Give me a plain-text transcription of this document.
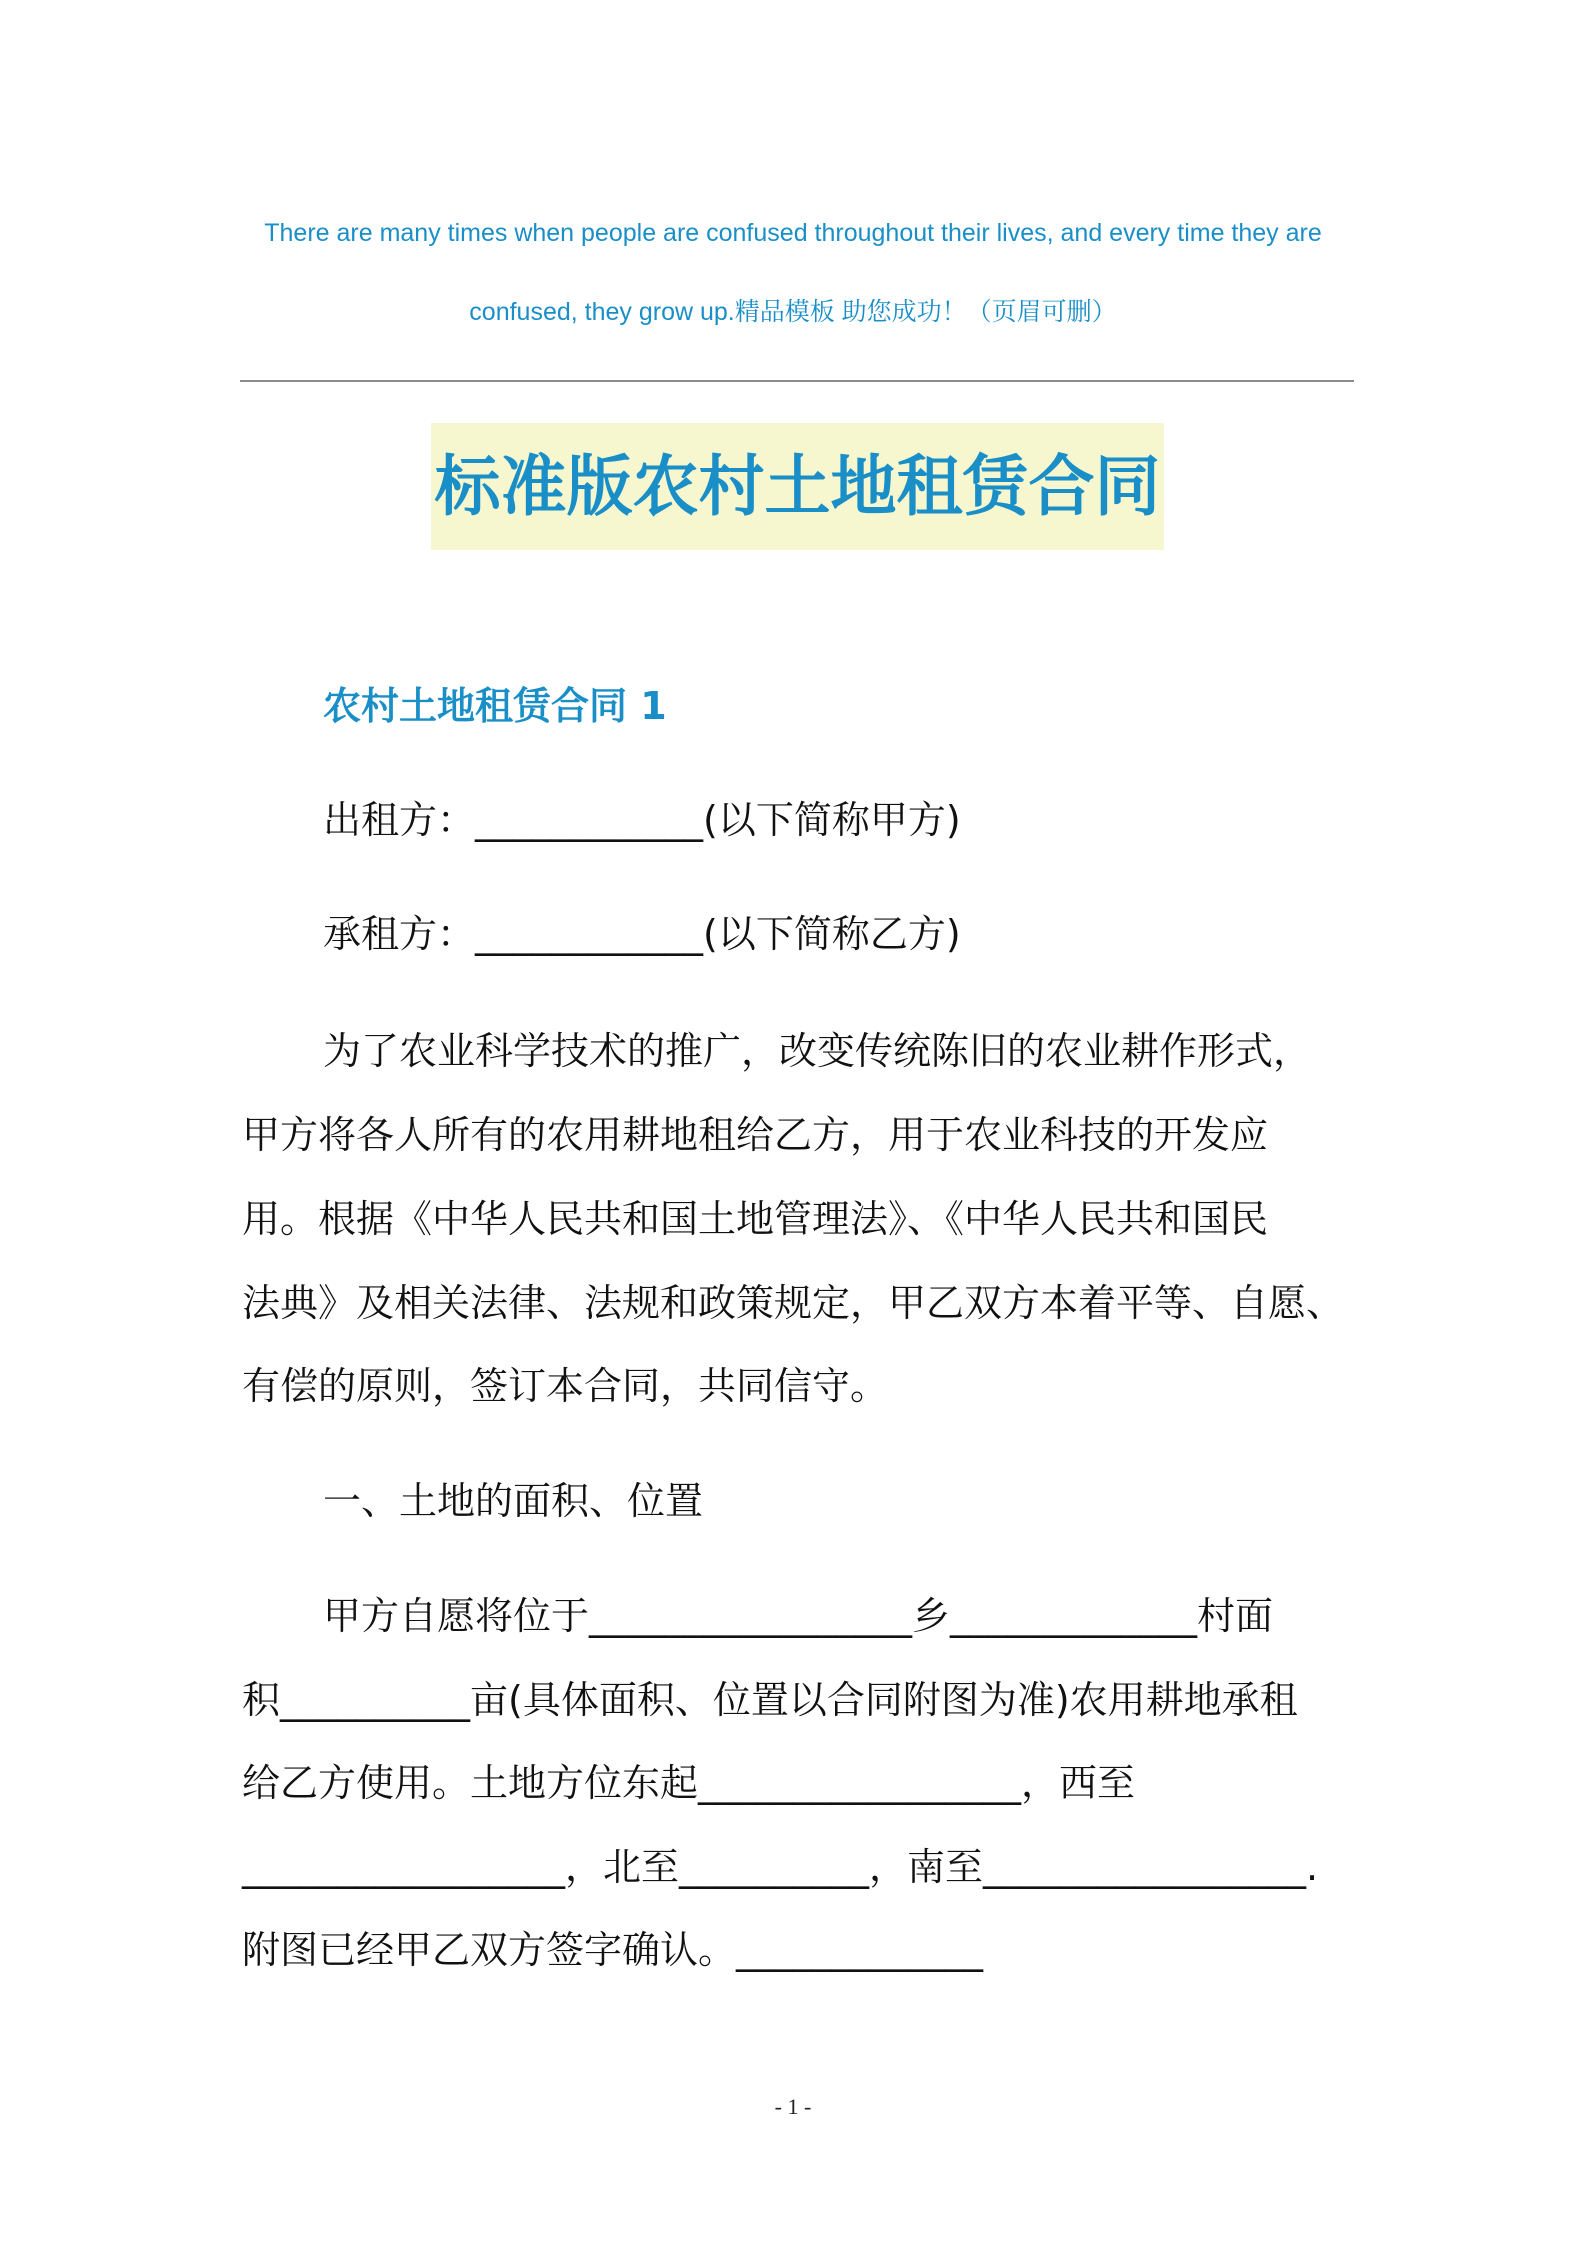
There are many times when people are confused throughout their lives, and every time they are
confused, they grow up.精品模板 助您成功！（页眉可删）
标准版农村土地租赁合同
农村土地租赁合同 1
出租方：____________(以下简称甲方)
承租方：____________(以下简称乙方)
为了农业科学技术的推广，改变传统陈旧的农业耕作形式，
甲方将各人所有的农用耕地租给乙方，用于农业科技的开发应
用。根据《中华人民共和国土地管理法》、《中华人民共和国民
法典》及相关法律、法规和政策规定，甲乙双方本着平等、自愿、
有偿的原则，签订本合同，共同信守。
一、土地的面积、位置
甲方自愿将位于_________________乡_____________村面
积__________亩(具体面积、位置以合同附图为准)农用耕地承租
给乙方使用。土地方位东起_________________，西至
_________________，北至__________，南至_________________.
附图已经甲乙双方签字确认。_____________
- 1 -
